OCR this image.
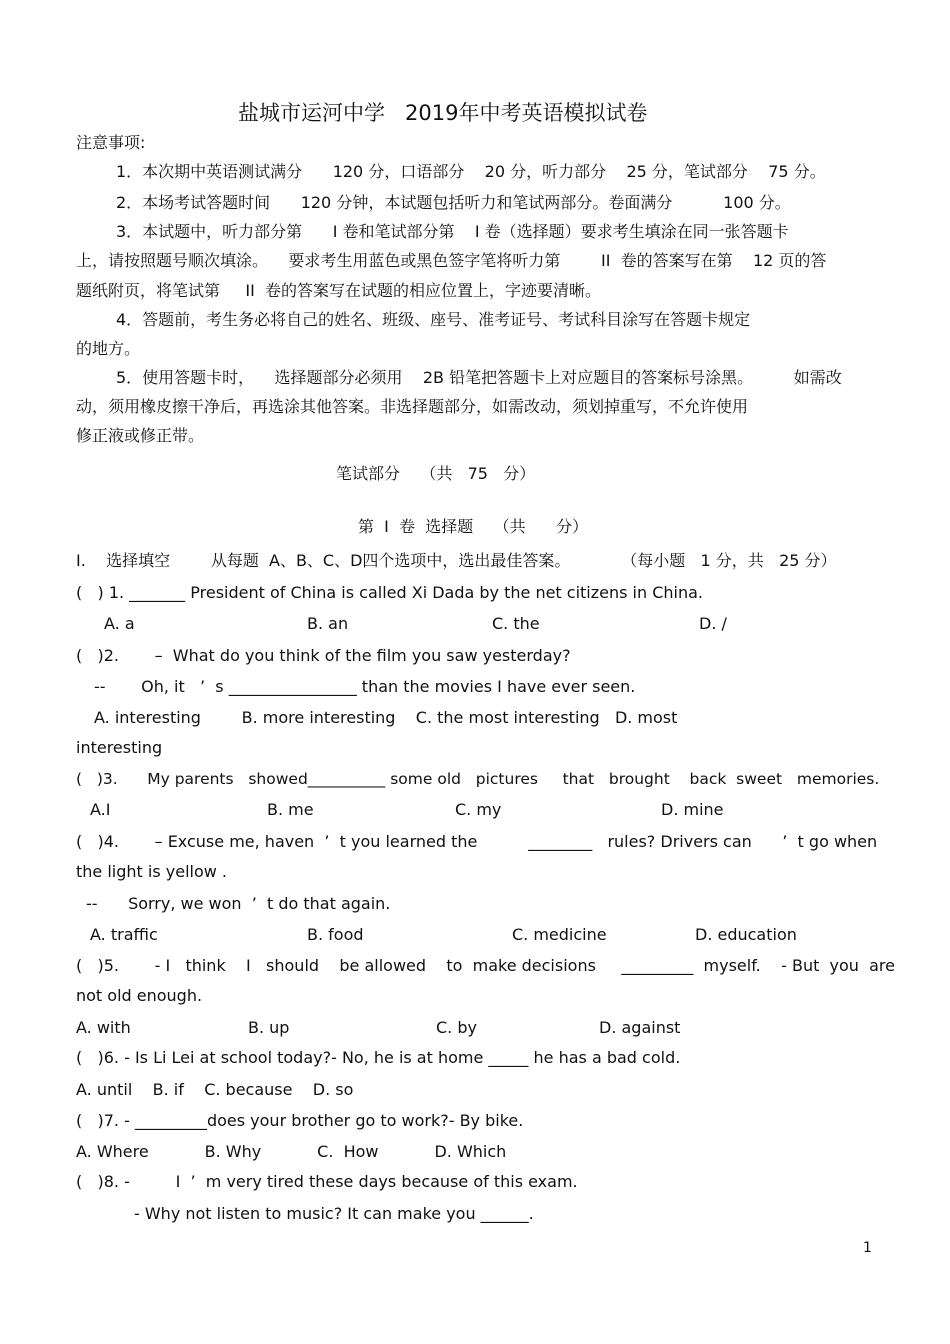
盐城市运河中学   2019年中考英语模拟试卷
注意事项:
1．本次期中英语测试满分      120 分，口语部分    20 分，听力部分    25 分，笔试部分    75 分。
2．本场考试答题时间      120 分钟，本试题包括听力和笔试两部分。卷面满分          100 分。
3．本试题中，听力部分第      I 卷和笔试部分第    I 卷（选择题）要求考生填涂在同一张答题卡
上，请按照题号顺次填涂。    要求考生用蓝色或黑色签字笔将听力第        II  卷的答案写在第    12 页的答
题纸附页，将笔试第     II  卷的答案写在试题的相应位置上，字迹要清晰。
4．答题前，考生务必将自己的姓名、班级、座号、准考证号、考试科目涂写在答题卡规定
的地方。
5．使用答题卡时，    选择题部分必须用    2B 铅笔把答题卡上对应题目的答案标号涂黑。        如需改
动，须用橡皮擦干净后，再选涂其他答案。非选择题部分，如需改动，须划掉重写，不允许使用
修正液或修正带。
笔试部分    （共   75   分）
第  I  卷  选择题    （共      分）
I.    选择填空        从每题  A、B、C、D四个选项中，选出最佳答案。          （每小题   1 分，共   25 分）
(   ) 1. _______ President of China is called Xi Dada by the net citizens in China.
A. a	B. an	C. the	D. /
(   )2.       –  What do you think of the film you saw yesterday?
--       Oh, it   ’  s ________________ than the movies I have ever seen.
A. interesting        B. more interesting    C. the most interesting   D. most
interesting
(   )3.      My parents   showed__________ some old   pictures     that   brought    back  sweet   memories.
A.I	B. me	C. my	D. mine
(   )4.       – Excuse me, haven  ’  t you learned the          ________   rules? Drivers can      ’  t go when
the light is yellow .
--      Sorry, we won  ’  t do that again.
A. traffic	B. food	C. medicine	D. education
(   )5.       - I   think    I   should    be allowed    to  make decisions     _________  myself.    - But  you  are
not old enough.
A. with	B. up	C. by	D. against
(   )6. - Is Li Lei at school today?- No, he is at home _____ he has a bad cold.
A. until    B. if    C. because    D. so
(   )7. - _________does your brother go to work?- By bike.
A. Where           B. Why           C.  How           D. Which
(   )8. -         I  ’  m very tired these days because of this exam.
- Why not listen to music? It can make you ______.
1
